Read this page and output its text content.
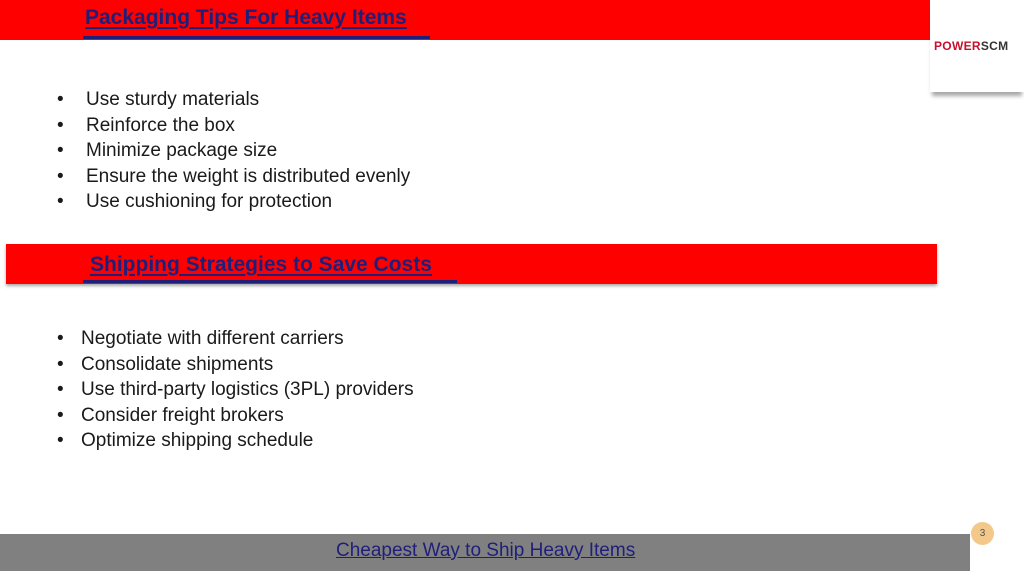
Packaging Tips For Heavy Items
POWERSCM
• Use sturdy materials
• Reinforce the box
• Minimize package size
• Ensure the weight is distributed evenly
• Use cushioning for protection
Shipping Strategies to Save Costs
• Negotiate with different carriers
• Consolidate shipments
• Use third-party logistics (3PL) providers
• Consider freight brokers
• Optimize shipping schedule
Cheapest Way to Ship Heavy Items
3
